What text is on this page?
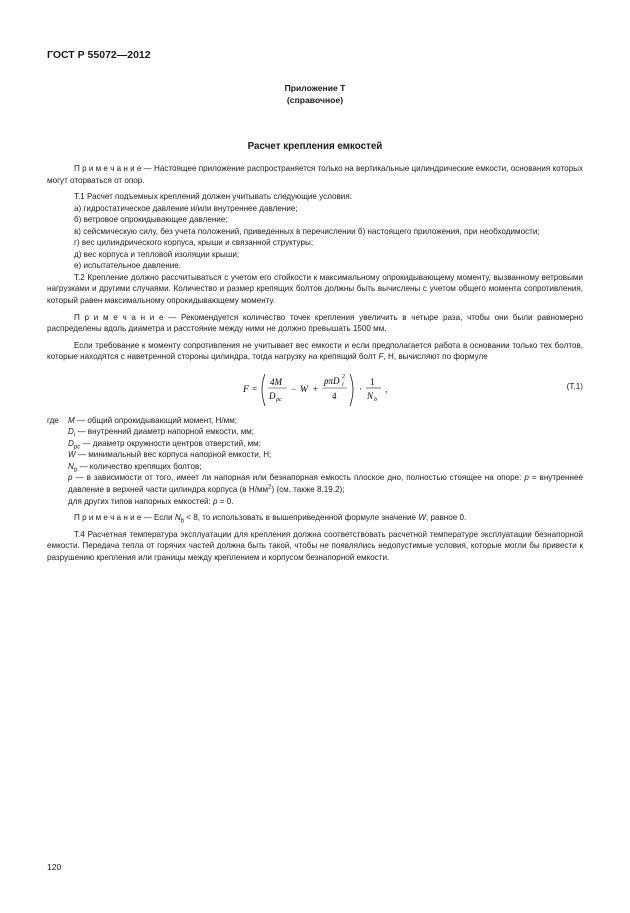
ГОСТ Р 55072—2012
Приложение Т
(справочное)
Расчет крепления емкостей

П р и м е ч а н и е — Настоящее приложение распространяется только на вертикальные цилиндрические емкости, основания которых могут оторваться от опор.

Т.1 Расчет подъемных креплений должен учитывать следующие условия:

а) гидростатическое давление и/или внутреннее давление;

б) ветровое опрокидывающее давление;

в) сейсмическую силу, без учета положений, приведенных в перечислении б) настоящего приложения, при необходимости;

г) вес цилиндрического корпуса, крыши и связанной структуры;

д) вес корпуса и тепловой изоляции крыши;

е) испытательное давление.

Т.2 Крепление должно рассчитываться с учетом его стойкости к максимальному опрокидывающему моменту, вызванному ветровыми нагрузками и другими случаями. Количество и размер крепящих болтов должны быть вычислены с учетом общего момента сопротивления, который равен максимальному опрокидывающему моменту.

П р и м е ч а н и е — Рекомендуется количество точек крепления увеличить в четыре раза, чтобы они были равномерно распределены вдоль диаметра и расстояние между ними не должно превышать 1500 мм.

Если требование к моменту сопротивления не учитывает вес емкости и если предполагается работа в основании только тех болтов, которые находятся с наветренной стороны цилиндра, тогда нагрузку на крепящий болт F, Н, вычисляют по формуле

F =
4M
D pc
− W +
pπD i
2
4
·
1
N b
,	(Т.1)
где	M — общий опрокидывающий момент, Н/мм;
$D_i$ — внутренний диаметр напорной емкости, мм;
$D_{pc}$ — диаметр окружности центров отверстий, мм;
W — минимальный вес корпуса напорной емкости, Н;
$N_b$ — количество крепящих болтов;
p — в зависимости от того, имеет ли напорная или безнапорная емкость плоское дно, полностью стоящее на опоре: p = внутреннее давление в верхней части цилиндра корпуса (в $Н/мм^2$) (см. также 8.19.2);
для других типов напорных емкостей: p = 0.

П р и м е ч а н и е — Если $N_b < 8$, то использовать в вышеприведенной формуле значение W, равное 0.

Т.4 Расчетная температура эксплуатации для крепления должна соответствовать расчетной температуре эксплуатации безнапорной емкости. Передача тепла от горячих частей должна быть такой, чтобы не появлялись недопустимые условия, которые могли бы привести к разрушению крепления или границы между креплением и корпусом безнапорной емкости.

120
